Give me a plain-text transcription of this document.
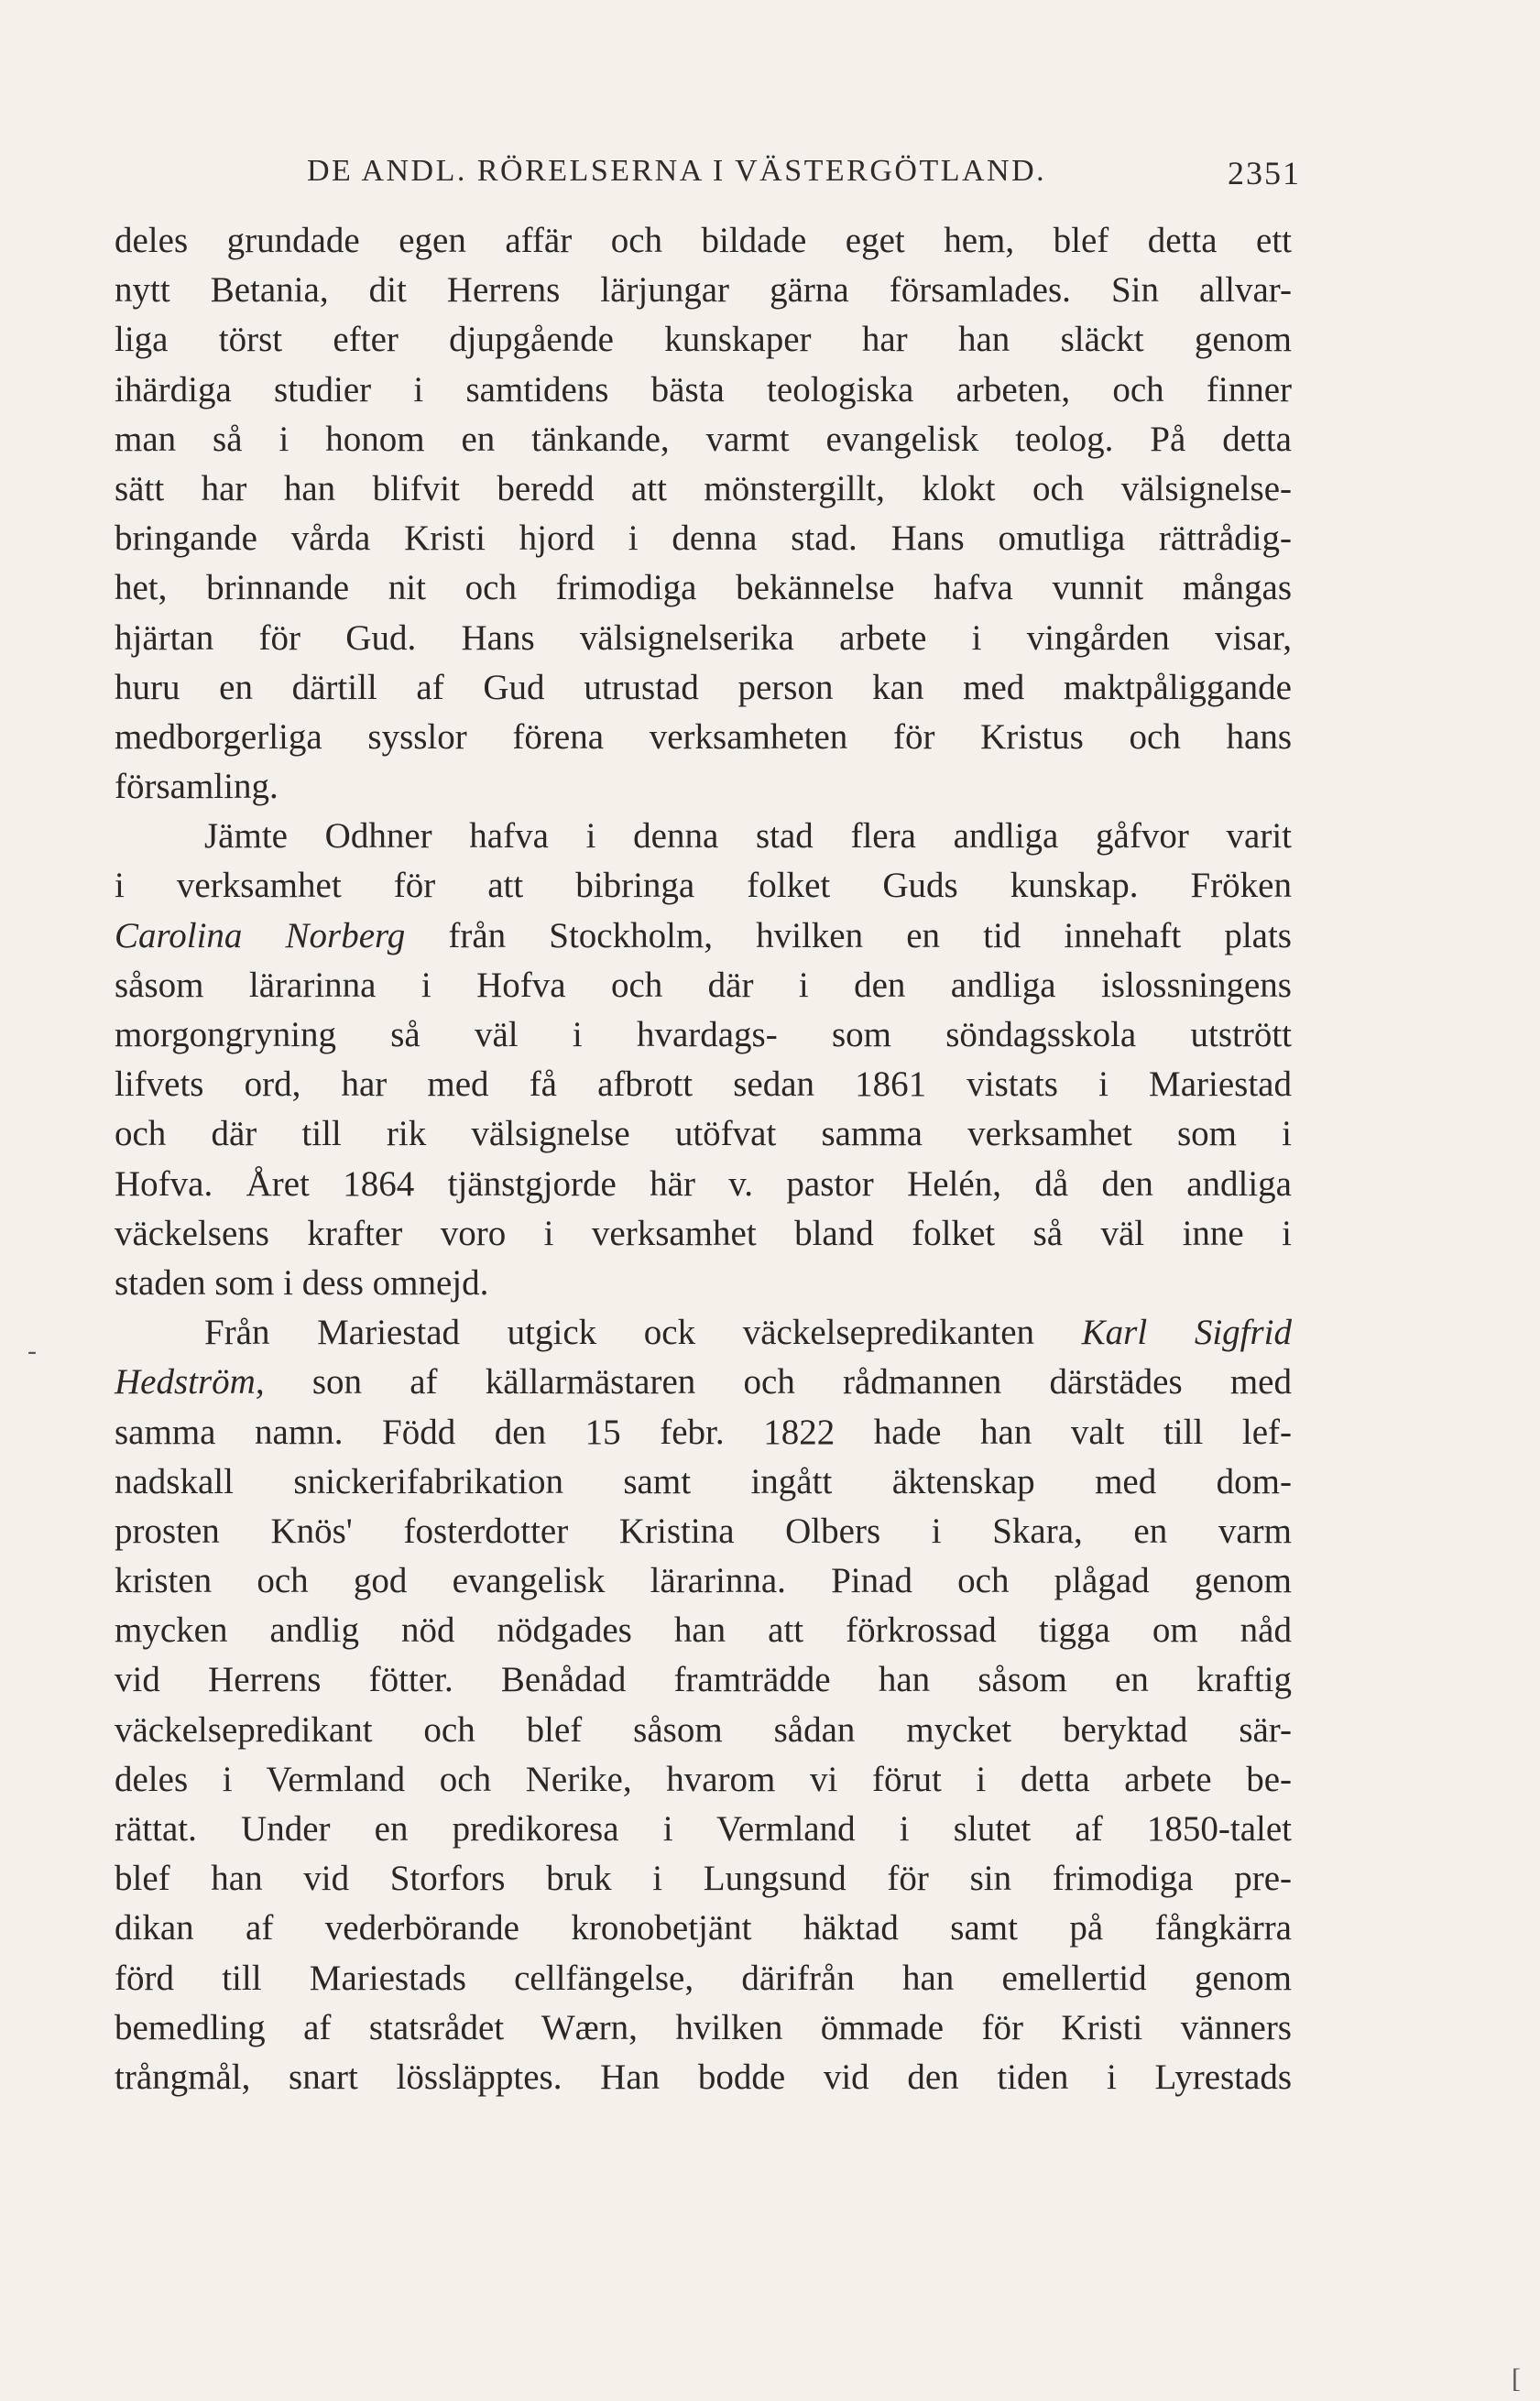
DE ANDL. RÖRELSERNA I VÄSTERGÖTLAND.	2351
deles grundade egen affär och bildade eget hem, blef detta ett
nytt Betania, dit Herrens lärjungar gärna församlades. Sin allvar-
liga törst efter djupgående kunskaper har han släckt genom
ihärdiga studier i samtidens bästa teologiska arbeten, och finner
man så i honom en tänkande, varmt evangelisk teolog. På detta
sätt har han blifvit beredd att mönstergillt, klokt och välsignelse-
bringande vårda Kristi hjord i denna stad. Hans omutliga rättrådig-
het, brinnande nit och frimodiga bekännelse hafva vunnit mångas
hjärtan för Gud. Hans välsignelserika arbete i vingården visar,
huru en därtill af Gud utrustad person kan med maktpåliggande
medborgerliga sysslor förena verksamheten för Kristus och hans
församling.
Jämte Odhner hafva i denna stad flera andliga gåfvor varit
i verksamhet för att bibringa folket Guds kunskap. Fröken
Carolina Norberg från Stockholm, hvilken en tid innehaft plats
såsom lärarinna i Hofva och där i den andliga islossningens
morgongryning så väl i hvardags- som söndagsskola utstrött
lifvets ord, har med få afbrott sedan 1861 vistats i Mariestad
och där till rik välsignelse utöfvat samma verksamhet som i
Hofva. Året 1864 tjänstgjorde här v. pastor Helén, då den andliga
väckelsens krafter voro i verksamhet bland folket så väl inne i
staden som i dess omnejd.
Från Mariestad utgick ock väckelsepredikanten Karl Sigfrid
Hedström, son af källarmästaren och rådmannen därstädes med
samma namn. Född den 15 febr. 1822 hade han valt till lef-
nadskall snickerifabrikation samt ingått äktenskap med dom-
prosten Knös' fosterdotter Kristina Olbers i Skara, en varm
kristen och god evangelisk lärarinna. Pinad och plågad genom
mycken andlig nöd nödgades han att förkrossad tigga om nåd
vid Herrens fötter. Benådad framträdde han såsom en kraftig
väckelsepredikant och blef såsom sådan mycket beryktad sär-
deles i Vermland och Nerike, hvarom vi förut i detta arbete be-
rättat. Under en predikoresa i Vermland i slutet af 1850-talet
blef han vid Storfors bruk i Lungsund för sin frimodiga pre-
dikan af vederbörande kronobetjänt häktad samt på fångkärra
förd till Mariestads cellfängelse, därifrån han emellertid genom
bemedling af statsrådet Wærn, hvilken ömmade för Kristi vänners
trångmål, snart lössläpptes. Han bodde vid den tiden i Lyrestads
-
[
